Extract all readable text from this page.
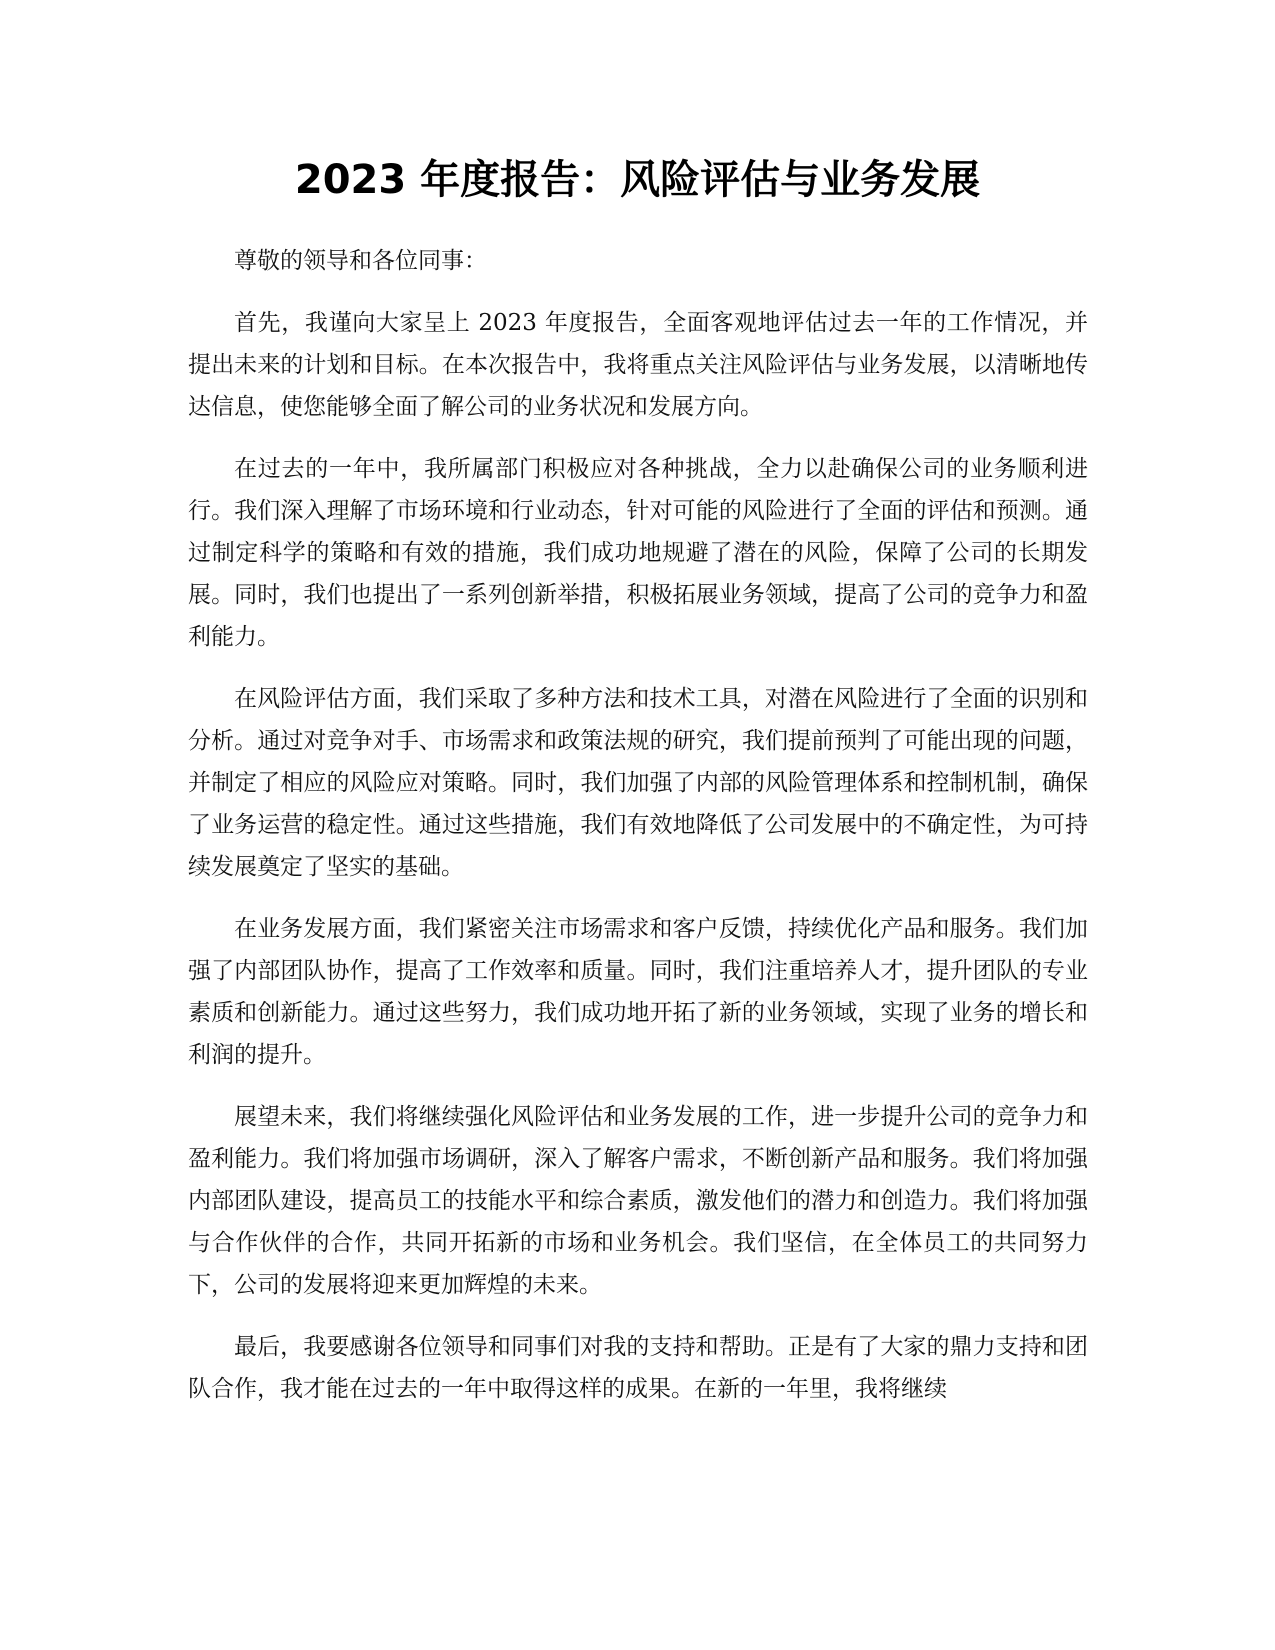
2023 年度报告：风险评估与业务发展

尊敬的领导和各位同事：

首先，我谨向大家呈上 2023 年度报告，全面客观地评估过去一年的工作情况，并提出未来的计划和目标。在本次报告中，我将重点关注风险评估与业务发展，以清晰地传达信息，使您能够全面了解公司的业务状况和发展方向。

在过去的一年中，我所属部门积极应对各种挑战，全力以赴确保公司的业务顺利进行。我们深入理解了市场环境和行业动态，针对可能的风险进行了全面的评估和预测。通过制定科学的策略和有效的措施，我们成功地规避了潜在的风险，保障了公司的长期发展。同时，我们也提出了一系列创新举措，积极拓展业务领域，提高了公司的竞争力和盈利能力。

在风险评估方面，我们采取了多种方法和技术工具，对潜在风险进行了全面的识别和分析。通过对竞争对手、市场需求和政策法规的研究，我们提前预判了可能出现的问题，并制定了相应的风险应对策略。同时，我们加强了内部的风险管理体系和控制机制，确保了业务运营的稳定性。通过这些措施，我们有效地降低了公司发展中的不确定性，为可持续发展奠定了坚实的基础。

在业务发展方面，我们紧密关注市场需求和客户反馈，持续优化产品和服务。我们加强了内部团队协作，提高了工作效率和质量。同时，我们注重培养人才，提升团队的专业素质和创新能力。通过这些努力，我们成功地开拓了新的业务领域，实现了业务的增长和利润的提升。

展望未来，我们将继续强化风险评估和业务发展的工作，进一步提升公司的竞争力和盈利能力。我们将加强市场调研，深入了解客户需求，不断创新产品和服务。我们将加强内部团队建设，提高员工的技能水平和综合素质，激发他们的潜力和创造力。我们将加强与合作伙伴的合作，共同开拓新的市场和业务机会。我们坚信，在全体员工的共同努力下，公司的发展将迎来更加辉煌的未来。

最后，我要感谢各位领导和同事们对我的支持和帮助。正是有了大家的鼎力支持和团队合作，我才能在过去的一年中取得这样的成果。在新的一年里，我将继续
